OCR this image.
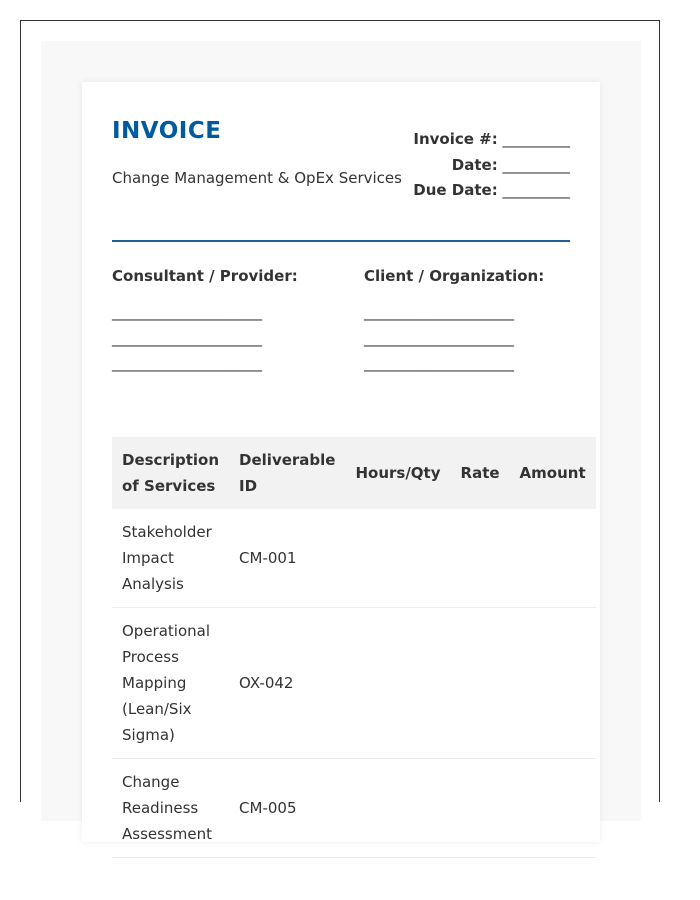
INVOICE
Change Management & OpEx Services
Invoice #: _________
Date: _________
Due Date: _________
Consultant / Provider:
____________________
____________________
____________________
Client / Organization:
____________________
____________________
____________________
Description of Services	Deliverable ID	Hours/Qty	Rate	Amount
Stakeholder Impact Analysis	CM-001			
Operational Process Mapping (Lean/Six Sigma)	OX-042			
Change Readiness Assessment	CM-005			
